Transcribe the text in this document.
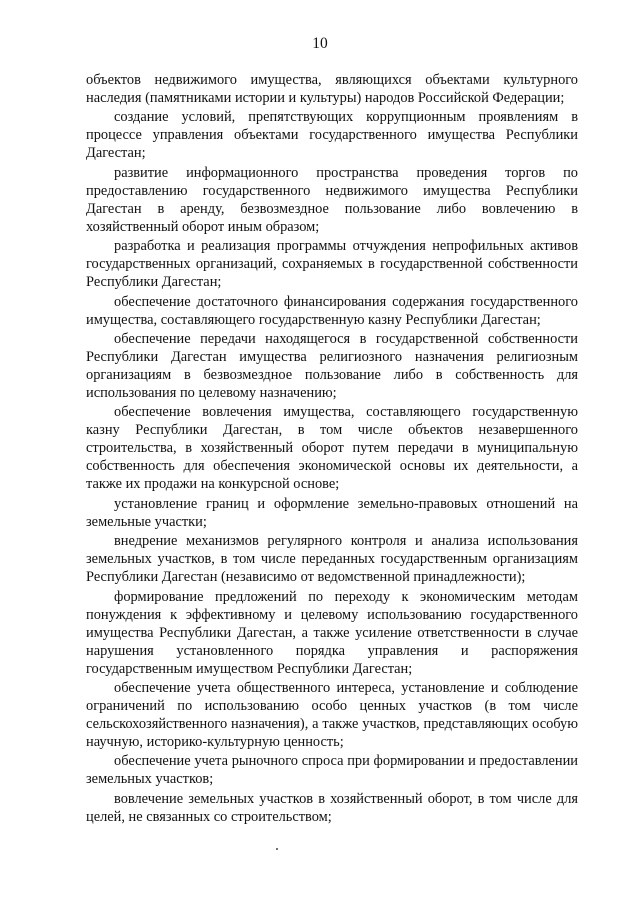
10

объектов недвижимого имущества, являющихся объектами культурного наследия (памятниками истории и культуры) народов Российской Федерации;

создание условий, препятствующих коррупционным проявлениям в процессе управления объектами государственного имущества Республики Дагестан;

развитие информационного пространства проведения торгов по предоставлению государственного недвижимого имущества Республики Дагестан в аренду, безвозмездное пользование либо вовлечению в хозяйственный оборот иным образом;

разработка и реализация программы отчуждения непрофильных активов государственных организаций, сохраняемых в государственной собственности Республики Дагестан;

обеспечение достаточного финансирования содержания государственного имущества, составляющего государственную казну Республики Дагестан;

обеспечение передачи находящегося в государственной собственности Республики Дагестан имущества религиозного назначения религиозным организациям в безвозмездное пользование либо в собственность для использования по целевому назначению;

обеспечение вовлечения имущества, составляющего государственную казну Республики Дагестан, в том числе объектов незавершенного строительства, в хозяйственный оборот путем передачи в муниципальную собственность для обеспечения экономической основы их деятельности, а также их продажи на конкурсной основе;

установление границ и оформление земельно-правовых отношений на земельные участки;

внедрение механизмов регулярного контроля и анализа использования земельных участков, в том числе переданных государственным организациям Республики Дагестан (независимо от ведомственной принадлежности);

формирование предложений по переходу к экономическим методам понуждения к эффективному и целевому использованию государственного имущества Республики Дагестан, а также усиление ответственности в случае нарушения установленного порядка управления и распоряжения государственным имуществом Республики Дагестан;

обеспечение учета общественного интереса, установление и соблюдение ограничений по использованию особо ценных участков (в том числе сельскохозяйственного назначения), а также участков, представляющих особую научную, историко-культурную ценность;

обеспечение учета рыночного спроса при формировании и предоставлении земельных участков;

вовлечение земельных участков в хозяйственный оборот, в том числе для целей, не связанных со строительством;
